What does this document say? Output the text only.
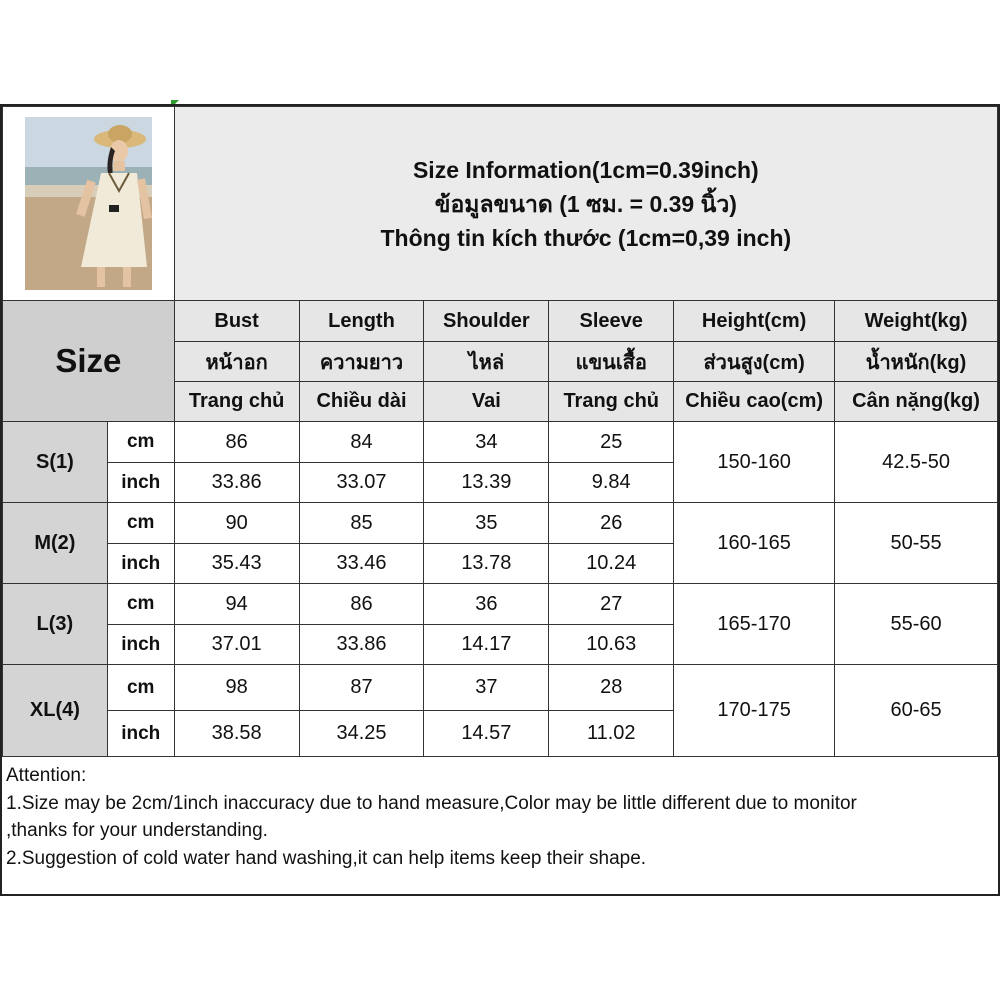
Size Information(1cm=0.39inch)
ข้อมูลขนาด (1 ซม. = 0.39 นิ้ว)
Thông tin kích thước (1cm=0,39 inch)					

Size		Bust	Length	Shoulder	Sleeve	Height(cm)	Weight(kg)
		หน้าอก	ความยาว	ไหล่	แขนเสื้อ	ส่วนสูง(cm)	น้ำหนัก(kg)
		Trang chủ	Chiều dài	Vai	Trang chủ	Chiều cao(cm)	Cân nặng(kg)
S(1)	cm	86	84	34	25	150-160	42.5-50
	inch	33.86	33.07	13.39	9.84		
M(2)	cm	90	85	35	26	160-165	50-55
	inch	35.43	33.46	13.78	10.24		
L(3)	cm	94	86	36	27	165-170	55-60
	inch	37.01	33.86	14.17	10.63		
XL(4)	cm	98	87	37	28	170-175	60-65
	inch	38.58	34.25	14.57	11.02		
Attention:
1.Size may be 2cm/1inch inaccuracy due to hand measure,Color may be little different due to monitor
,thanks for your understanding.
2.Suggestion of cold water hand washing,it can help items keep their shape.
